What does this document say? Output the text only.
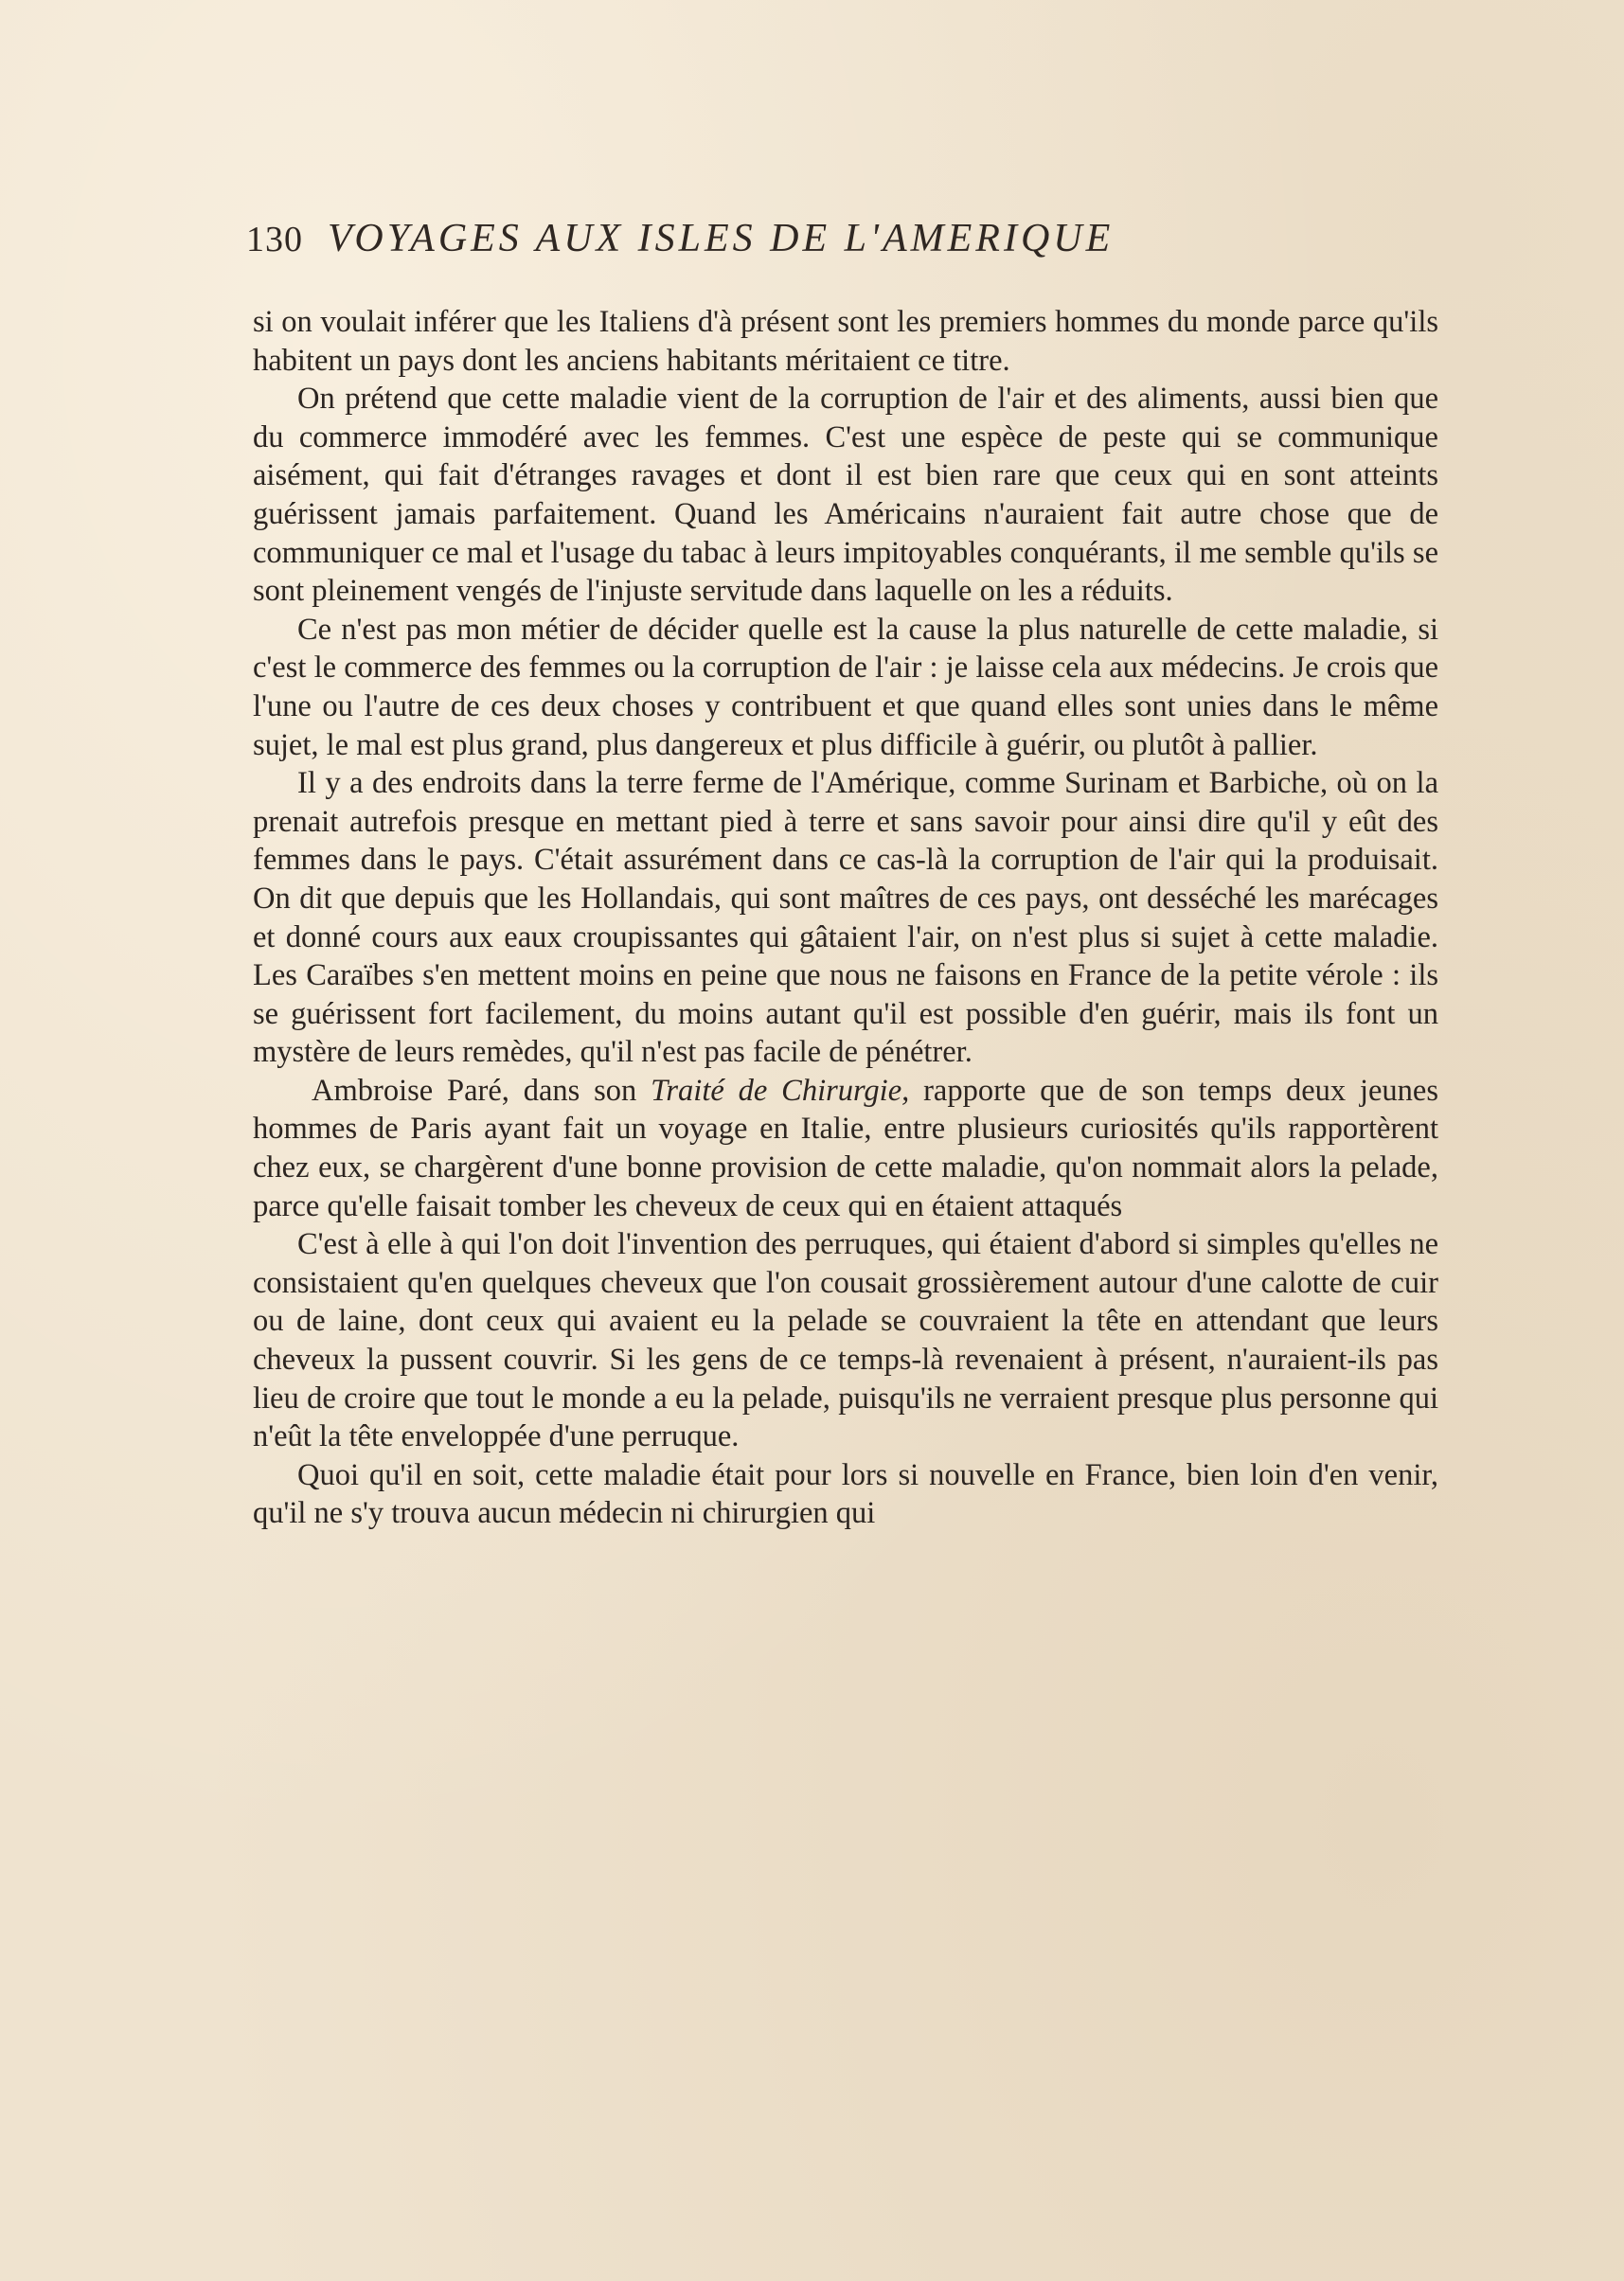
130 VOYAGES AUX ISLES DE L'AMERIQUE

si on voulait inférer que les Italiens d'à présent sont les premiers hommes du monde parce qu'ils habitent un pays dont les anciens habitants méritaient ce titre.

On prétend que cette maladie vient de la corruption de l'air et des aliments, aussi bien que du commerce immodéré avec les femmes. C'est une espèce de peste qui se communique aisément, qui fait d'étranges ravages et dont il est bien rare que ceux qui en sont atteints guérissent jamais parfaitement. Quand les Américains n'auraient fait autre chose que de communiquer ce mal et l'usage du tabac à leurs impitoyables conquérants, il me semble qu'ils se sont pleinement vengés de l'injuste servitude dans laquelle on les a réduits.

Ce n'est pas mon métier de décider quelle est la cause la plus naturelle de cette maladie, si c'est le commerce des femmes ou la corruption de l'air : je laisse cela aux médecins. Je crois que l'une ou l'autre de ces deux choses y contribuent et que quand elles sont unies dans le même sujet, le mal est plus grand, plus dangereux et plus difficile à guérir, ou plutôt à pallier.

Il y a des endroits dans la terre ferme de l'Amérique, comme Surinam et Barbiche, où on la prenait autrefois presque en mettant pied à terre et sans savoir pour ainsi dire qu'il y eût des femmes dans le pays. C'était assurément dans ce cas-là la corruption de l'air qui la produisait. On dit que depuis que les Hollandais, qui sont maîtres de ces pays, ont desséché les marécages et donné cours aux eaux croupissantes qui gâtaient l'air, on n'est plus si sujet à cette maladie. Les Caraïbes s'en mettent moins en peine que nous ne faisons en France de la petite vérole : ils se guérissent fort facilement, du moins autant qu'il est possible d'en guérir, mais ils font un mystère de leurs remèdes, qu'il n'est pas facile de pénétrer.

Ambroise Paré, dans son Traité de Chirurgie, rapporte que de son temps deux jeunes hommes de Paris ayant fait un voyage en Italie, entre plusieurs curiosités qu'ils rapportèrent chez eux, se chargèrent d'une bonne provision de cette maladie, qu'on nommait alors la pelade, parce qu'elle faisait tomber les cheveux de ceux qui en étaient attaqués

C'est à elle à qui l'on doit l'invention des perruques, qui étaient d'abord si simples qu'elles ne consistaient qu'en quelques cheveux que l'on cousait grossièrement autour d'une calotte de cuir ou de laine, dont ceux qui avaient eu la pelade se couvraient la tête en attendant que leurs cheveux la pussent couvrir. Si les gens de ce temps-là revenaient à présent, n'auraient-ils pas lieu de croire que tout le monde a eu la pelade, puisqu'ils ne verraient presque plus personne qui n'eût la tête enveloppée d'une perruque.

Quoi qu'il en soit, cette maladie était pour lors si nouvelle en France, bien loin d'en venir, qu'il ne s'y trouva aucun médecin ni chirurgien qui
